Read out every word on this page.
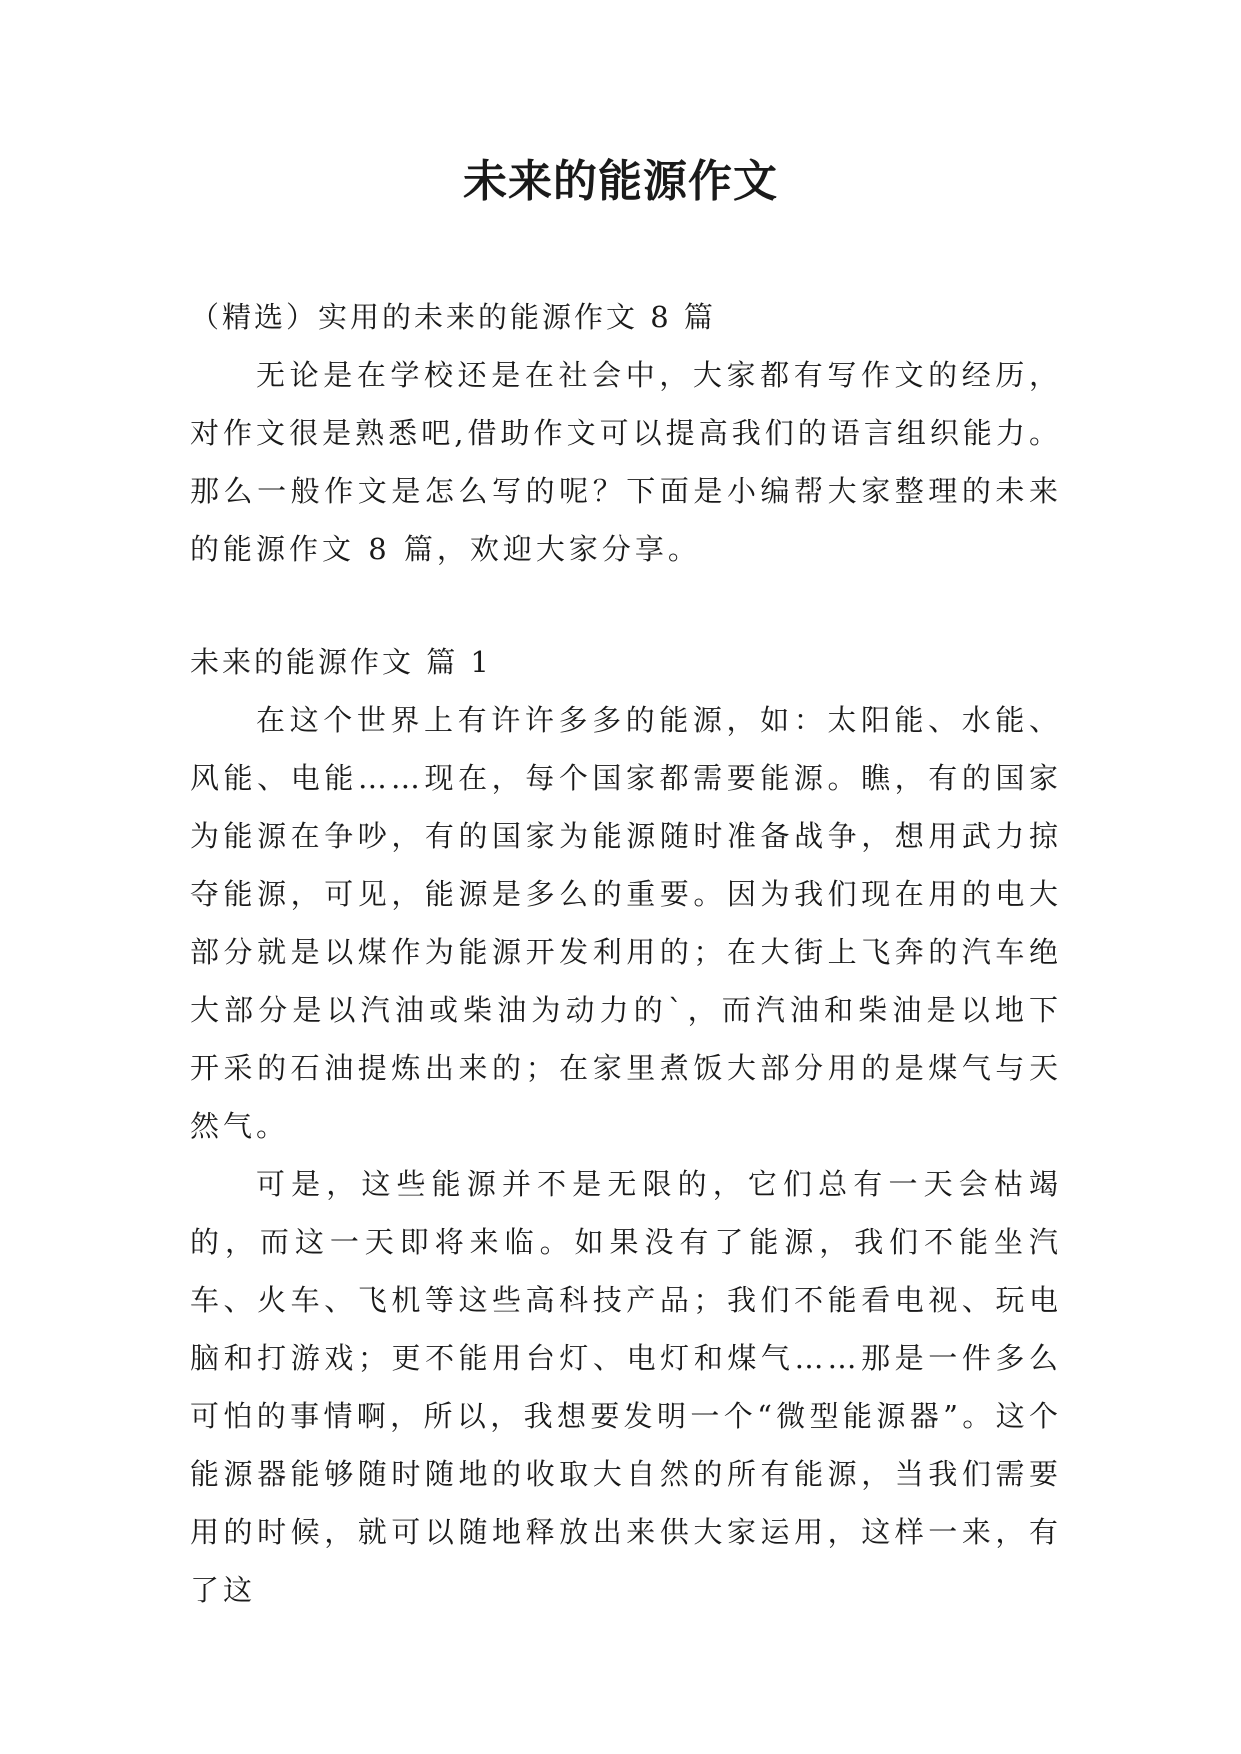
未来的能源作文

（精选）实用的未来的能源作文 8 篇

无论是在学校还是在社会中，大家都有写作文的经历，对作文很是熟悉吧,借助作文可以提高我们的语言组织能力。那么一般作文是怎么写的呢？下面是小编帮大家整理的未来的能源作文 8 篇，欢迎大家分享。

未来的能源作文 篇 1

在这个世界上有许许多多的能源，如：太阳能、水能、风能、电能……现在，每个国家都需要能源。瞧，有的国家为能源在争吵，有的国家为能源随时准备战争，想用武力掠夺能源，可见，能源是多么的重要。因为我们现在用的电大部分就是以煤作为能源开发利用的；在大街上飞奔的汽车绝大部分是以汽油或柴油为动力的`，而汽油和柴油是以地下开采的石油提炼出来的；在家里煮饭大部分用的是煤气与天然气。

可是，这些能源并不是无限的，它们总有一天会枯竭的，而这一天即将来临。如果没有了能源，我们不能坐汽车、火车、飞机等这些高科技产品；我们不能看电视、玩电脑和打游戏；更不能用台灯、电灯和煤气……那是一件多么可怕的事情啊，所以，我想要发明一个“微型能源器”。这个能源器能够随时随地的收取大自然的所有能源，当我们需要用的时候，就可以随地释放出来供大家运用，这样一来，有了这
